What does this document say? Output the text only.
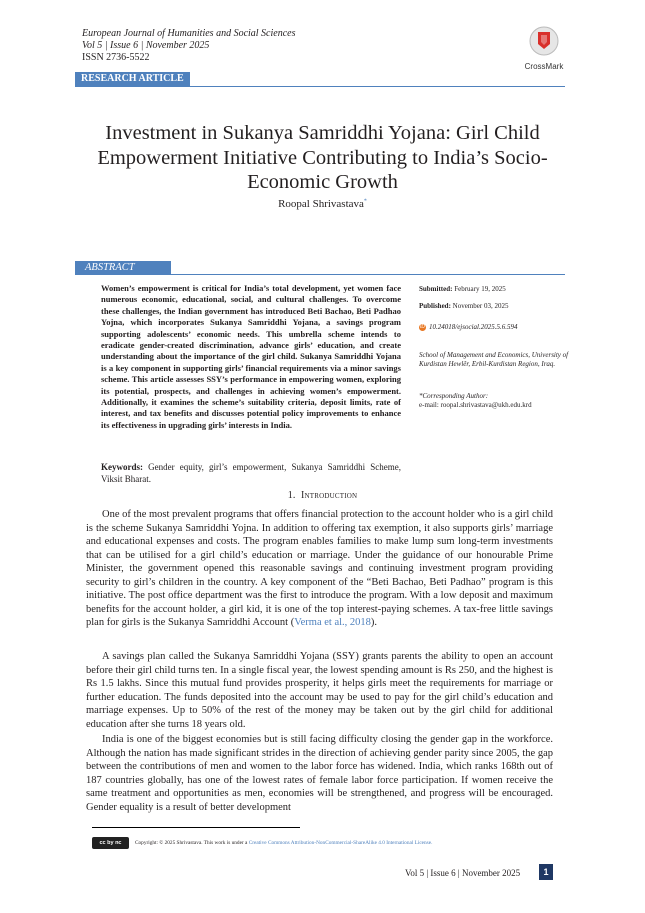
European Journal of Humanities and Social Sciences
Vol 5 | Issue 6 | November 2025
ISSN 2736-5522
CrossMark
RESEARCH ARTICLE
Investment in Sukanya Samriddhi Yojana: Girl Child Empowerment Initiative Contributing to India’s Socio-Economic Growth
Roopal Shrivastava*
ABSTRACT
Women’s empowerment is critical for India’s total development, yet women face numerous economic, educational, social, and cultural challenges. To overcome these challenges, the Indian government has introduced Beti Bachao, Beti Padhao Yojna, which incorporates Sukanya Samriddhi Yojana, a savings program supporting adolescents’ economic needs. This umbrella scheme intends to eradicate gender-created discrimination, advance girls’ education, and create understanding about the importance of the girl child. Sukanya Samriddhi Yojana is a key component in supporting girls’ financial requirements via a minor savings scheme. This article assesses SSY’s performance in empowering women, exploring its potential, prospects, and challenges in achieving women’s empowerment. Additionally, it examines the scheme’s suitability criteria, deposit limits, rate of interest, and tax benefits and discusses potential policy improvements to enhance its effectiveness in upgrading girls’ interests in India.
Submitted: February 19, 2025
Published: November 03, 2025
ID 10.24018/ejsocial.2025.5.6.594
School of Management and Economics, University of Kurdistan Hewlêr, Erbil-Kurdistan Region, Iraq.
*Corresponding Author:
e-mail: roopal.shrivastava@ukh.edu.krd
Keywords: Gender equity, girl’s empowerment, Sukanya Samriddhi Scheme, Viksit Bharat.
1. Introduction

One of the most prevalent programs that offers financial protection to the account holder who is a girl child is the scheme Sukanya Samriddhi Yojna. In addition to offering tax exemption, it also supports girls’ marriage and educational expenses and costs. The program enables families to make lump sum long-term investments that can be utilised for a girl child’s education or marriage. Under the guidance of our honourable Prime Minister, the government opened this reasonable savings and continuing investment program providing security to girl’s children in the country. A key component of the “Beti Bachao, Beti Padhao” program is this initiative. The post office department was the first to introduce the program. With a low deposit and maximum benefits for the account holder, a girl kid, it is one of the top interest-paying schemes. A tax-free little savings plan for girls is the Sukanya Samriddhi Account (Verma et al., 2018).

A savings plan called the Sukanya Samriddhi Yojana (SSY) grants parents the ability to open an account before their girl child turns ten. In a single fiscal year, the lowest spending amount is Rs 250, and the highest is Rs 1.5 lakhs. Since this mutual fund provides prosperity, it helps girls meet the requirements for marriage or further education. The funds deposited into the account may be used to pay for the girl child’s education and marriage expenses. Up to 50% of the rest of the money may be taken out by the girl child for additional education after she turns 18 years old.

India is one of the biggest economies but is still facing difficulty closing the gender gap in the workforce. Although the nation has made significant strides in the direction of achieving gender parity since 2005, the gap between the contributions of men and women to the labor force has widened. India, which ranks 168th out of 187 countries globally, has one of the lowest rates of female labor force participation. If women receive the same treatment and opportunities as men, economies will be strengthened, and progress will be encouraged. Gender equality is a result of better development

cc by nc	Copyright: © 2025 Shrivastava. This work is under a Creative Commons Attribution-NonCommercial-ShareAlike 4.0 International License.
Vol 5 | Issue 6 | November 2025	1
